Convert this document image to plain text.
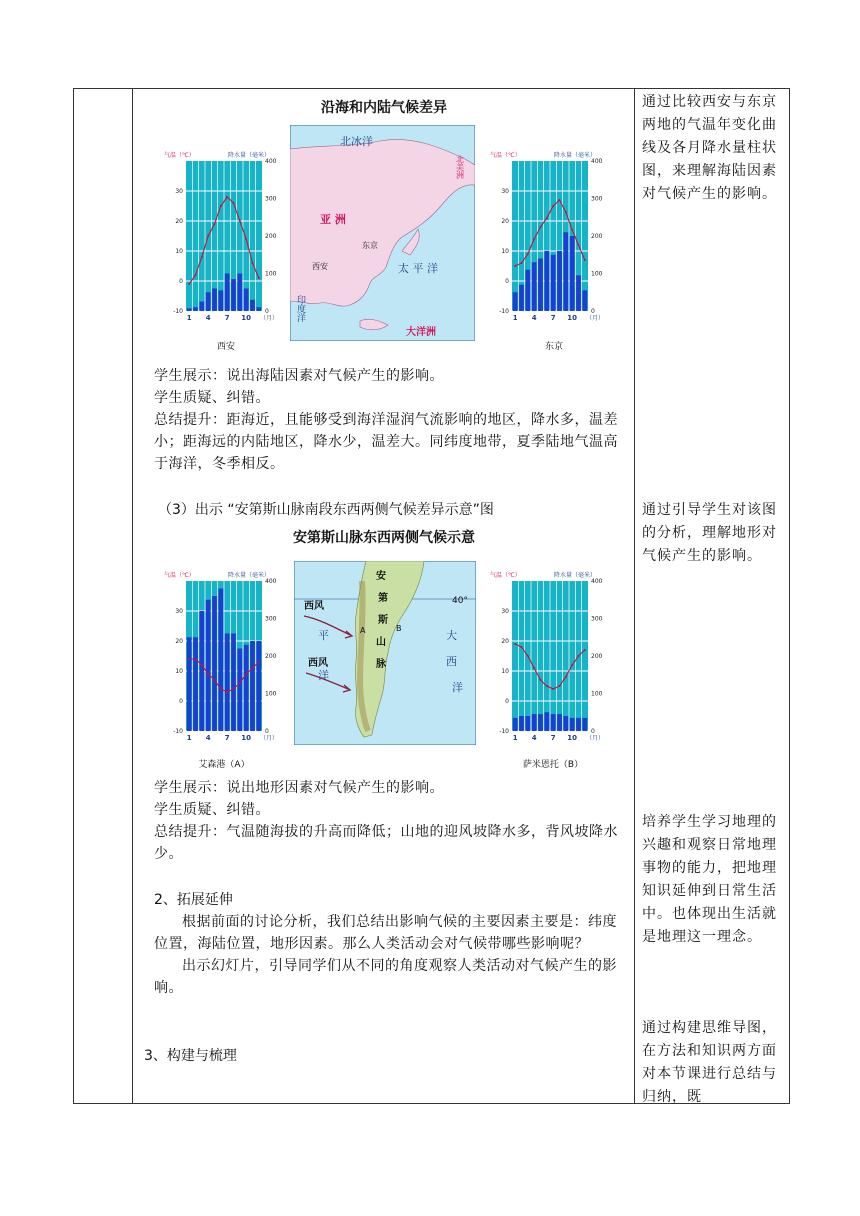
沿海和内陆气候差异
气温（℃）	降水量（毫米）
30
20
10
0
-10
400
300
200
100
0
1 4 7 10 （月）
西安
北冰洋
北美洲
亚 洲
东京
西安	太 平 洋
印度洋
大洋洲
气温（℃）	降水量（毫米）
30
20
10
0
-10
400
300
200
100
0
1 4 7 10 （月）
东京

学生展示：说出海陆因素对气候产生的影响。

学生质疑、纠错。

总结提升：距海近，且能够受到海洋湿润气流影响的地区，降水多，温差小；距海远的内陆地区，降水少，温差大。同纬度地带，夏季陆地气温高于海洋，冬季相反。

（3）出示 “安第斯山脉南段东西两侧气候差异示意”图

安第斯山脉东西两侧气候示意
气温（℃）	降水量（毫米）
30
20
10
0
-10
400
300
200
100
0
1 4 7 10 （月）
艾森港（A）
西风
西风
平
洋
安
第
斯
山
脉
A	B
大
西
洋
40°
气温（℃）	降水量（毫米）
30
20
10
0
-10
400
300
200
100
0
1 4 7 10 （月）
萨米恩托（B）

学生展示：说出地形因素对气候产生的影响。

学生质疑、纠错。

总结提升：气温随海拔的升高而降低；山地的迎风坡降水多，背风坡降水少。

2、拓展延伸

根据前面的讨论分析，我们总结出影响气候的主要因素主要是：纬度位置，海陆位置，地形因素。那么人类活动会对气候带哪些影响呢？

出示幻灯片，引导同学们从不同的角度观察人类活动对气候产生的影响。

3、构建与梳理

通过比较西安与东京两地的气温年变化曲线及各月降水量柱状图，来理解海陆因素对气候产生的影响。
通过引导学生对该图的分析，理解地形对气候产生的影响。
培养学生学习地理的兴趣和观察日常地理事物的能力，把地理知识延伸到日常生活中。也体现出生活就是地理这一理念。
通过构建思维导图，在方法和知识两方面对本节课进行总结与归纳，既
